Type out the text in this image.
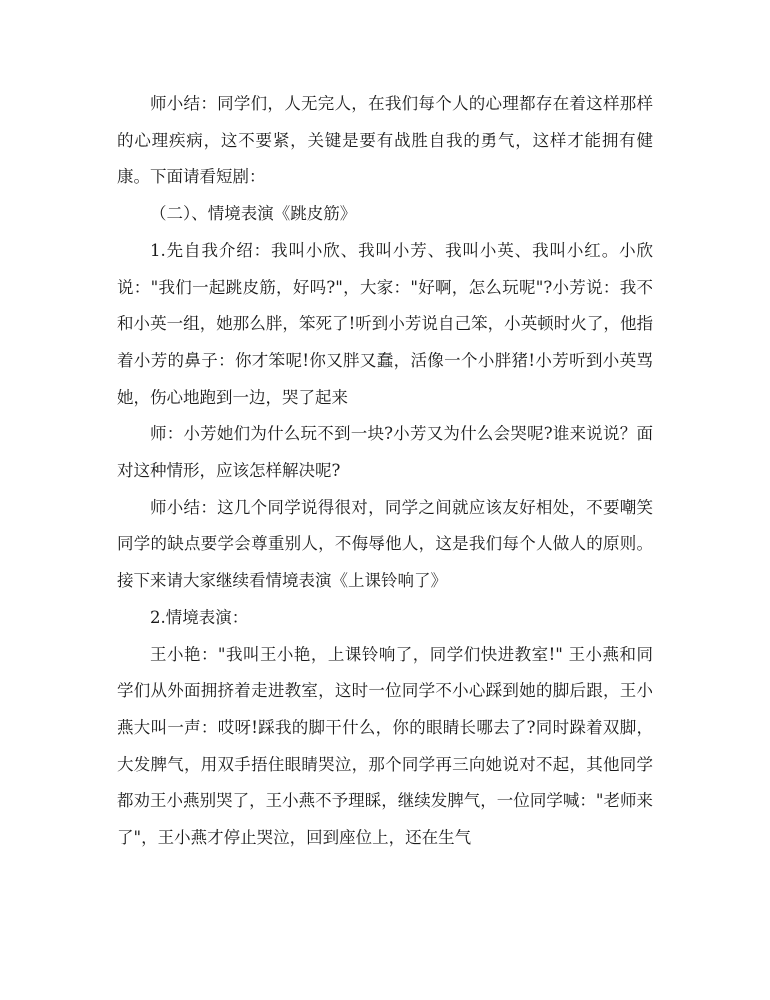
师小结：同学们，人无完人，在我们每个人的心理都存在着这样那样的心理疾病，这不要紧，关键是要有战胜自我的勇气，这样才能拥有健康。下面请看短剧：

（二）、情境表演《跳皮筋》

1.先自我介绍：我叫小欣、我叫小芳、我叫小英、我叫小红。小欣说："我们一起跳皮筋，好吗?"，大家："好啊，怎么玩呢"?小芳说：我不和小英一组，她那么胖，笨死了!听到小芳说自己笨，小英顿时火了，他指着小芳的鼻子：你才笨呢!你又胖又蠢，活像一个小胖猪!小芳听到小英骂她，伤心地跑到一边，哭了起来

师：小芳她们为什么玩不到一块?小芳又为什么会哭呢?谁来说说？面对这种情形，应该怎样解决呢?

师小结：这几个同学说得很对，同学之间就应该友好相处，不要嘲笑同学的缺点要学会尊重别人，不侮辱他人，这是我们每个人做人的原则。接下来请大家继续看情境表演《上课铃响了》

2.情境表演：

王小艳："我叫王小艳，上课铃响了，同学们快进教室!" 王小燕和同学们从外面拥挤着走进教室，这时一位同学不小心踩到她的脚后跟，王小燕大叫一声：哎呀!踩我的脚干什么，你的眼睛长哪去了?同时跺着双脚，大发脾气，用双手捂住眼睛哭泣，那个同学再三向她说对不起，其他同学都劝王小燕别哭了，王小燕不予理睬，继续发脾气，一位同学喊："老师来了"，王小燕才停止哭泣，回到座位上，还在生气
